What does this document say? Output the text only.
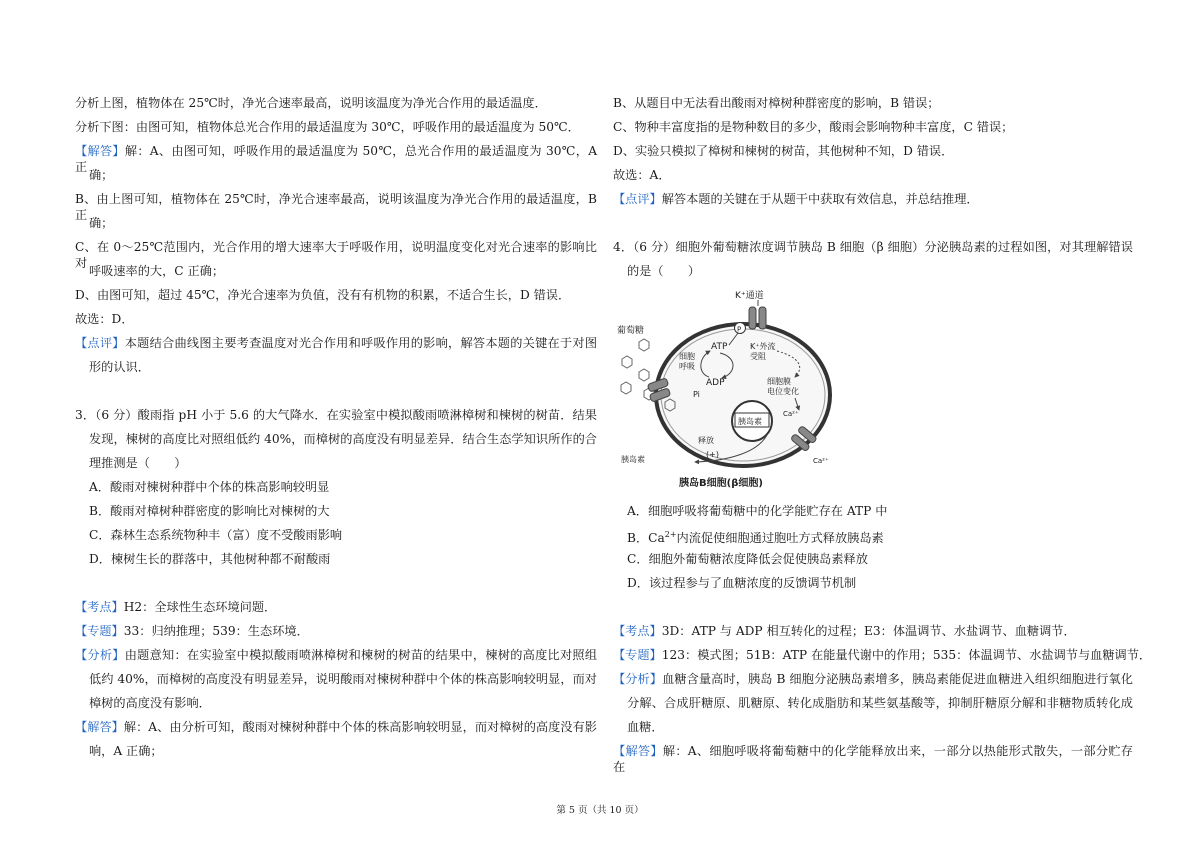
分析上图，植物体在 25℃时，净光合速率最高，说明该温度为净光合作用的最适温度．
分析下图：由图可知，植物体总光合作用的最适温度为 30℃，呼吸作用的最适温度为 50℃．
【解答】解：A、由图可知，呼吸作用的最适温度为 50℃，总光合作用的最适温度为 30℃，A 正
确；
B、由上图可知，植物体在 25℃时，净光合速率最高，说明该温度为净光合作用的最适温度，B 正
确；
C、在 0～25℃范围内，光合作用的增大速率大于呼吸作用，说明温度变化对光合速率的影响比对
呼吸速率的大，C 正确；
D、由图可知，超过 45℃，净光合速率为负值，没有有机物的积累，不适合生长，D 错误．
故选：D．
【点评】本题结合曲线图主要考查温度对光合作用和呼吸作用的影响，解答本题的关键在于对图
形的认识．
3．（6 分）酸雨指 pH 小于 5.6 的大气降水．在实验室中模拟酸雨喷淋樟树和楝树的树苗．结果
发现，楝树的高度比对照组低约 40%，而樟树的高度没有明显差异．结合生态学知识所作的合
理推测是（　　）
A．酸雨对楝树种群中个体的株高影响较明显
B．酸雨对樟树种群密度的影响比对楝树的大
C．森林生态系统物种丰（富）度不受酸雨影响
D．楝树生长的群落中，其他树种都不耐酸雨
【考点】H2：全球性生态环境问题．
【专题】33：归纳推理；539：生态环境．
【分析】由题意知：在实验室中模拟酸雨喷淋樟树和楝树的树苗的结果中，楝树的高度比对照组
低约 40%，而樟树的高度没有明显差异，说明酸雨对楝树种群中个体的株高影响较明显，而对
樟树的高度没有影响．
【解答】解：A、由分析可知，酸雨对楝树种群中个体的株高影响较明显，而对樟树的高度没有影
响，A 正确；
B、从题目中无法看出酸雨对樟树种群密度的影响，B 错误；
C、物种丰富度指的是物种数目的多少，酸雨会影响物种丰富度，C 错误；
D、实验只模拟了樟树和楝树的树苗，其他树种不知，D 错误．
故选：A．
【点评】解答本题的关键在于从题干中获取有效信息，并总结推理．
4．（6 分）细胞外葡萄糖浓度调节胰岛 B 细胞（β 细胞）分泌胰岛素的过程如图，对其理解错误
的是（　　）
A．细胞呼吸将葡萄糖中的化学能贮存在 ATP 中
B．$Ca^{2+}$内流促使细胞通过胞吐方式释放胰岛素
C．细胞外葡萄糖浓度降低会促使胰岛素释放
D．该过程参与了血糖浓度的反馈调节机制
【考点】3D：ATP 与 ADP 相互转化的过程；E3：体温调节、水盐调节、血糖调节．
【专题】123：模式图；51B：ATP 在能量代谢中的作用；535：体温调节、水盐调节与血糖调节．
【分析】血糖含量高时，胰岛 B 细胞分泌胰岛素增多，胰岛素能促进血糖进入组织细胞进行氧化
分解、合成肝糖原、肌糖原、转化成脂肪和某些氨基酸等，抑制肝糖原分解和非糖物质转化成
血糖．
【解答】解：A、细胞呼吸将葡萄糖中的化学能释放出来，一部分以热能形式散失，一部分贮存在
K⁺通道
P
葡萄糖
ATP
ADP
Pi
细胞
呼吸
K⁺外流
受阻
细胞膜
电位变化
Ca²⁺
Ca²⁺
胰岛素
释放
(+)
胰岛素
胰岛B细胞(β细胞)
第 5 页（共 10 页）
